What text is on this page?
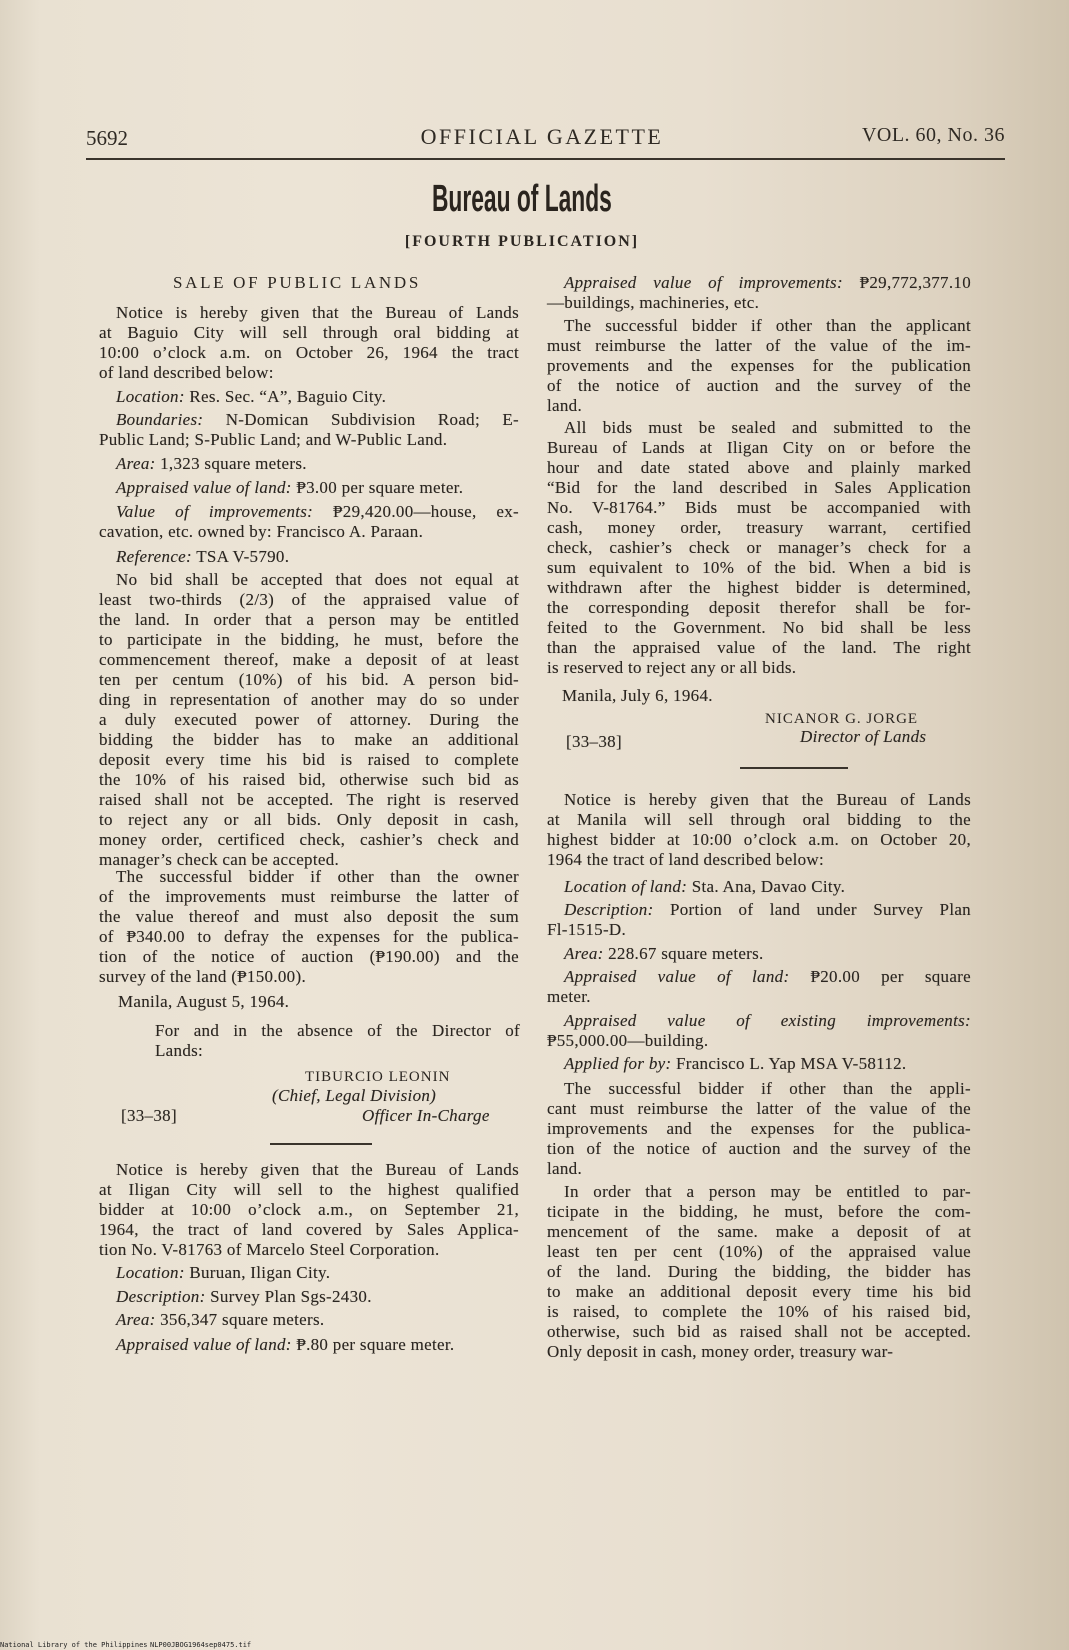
5692	OFFICIAL GAZETTE	VOL. 60, No. 36
Bureau of Lands
[FOURTH PUBLICATION]
SALE OF PUBLIC LANDS
Notice is hereby given that the Bureau of Lands
at Baguio City will sell through oral bidding at
10:00 o’clock a.m. on October 26, 1964 the tract
of land described below:
Location: Res. Sec. “A”, Baguio City.
Boundaries: N-Domican Subdivision Road; E-
Public Land; S-Public Land; and W-Public Land.
Area: 1,323 square meters.
Appraised value of land: ₱3.00 per square meter.
Value of improvements: ₱29,420.00—house, ex-
cavation, etc. owned by: Francisco A. Paraan.
Reference: TSA V-5790.
No bid shall be accepted that does not equal at
least two-thirds (2/3) of the appraised value of
the land. In order that a person may be entitled
to participate in the bidding, he must, before the
commencement thereof, make a deposit of at least
ten per centum (10%) of his bid. A person bid-
ding in representation of another may do so under
a duly executed power of attorney. During the
bidding the bidder has to make an additional
deposit every time his bid is raised to complete
the 10% of his raised bid, otherwise such bid as
raised shall not be accepted. The right is reserved
to reject any or all bids. Only deposit in cash,
money order, certificed check, cashier’s check and
manager’s check can be accepted.
The successful bidder if other than the owner
of the improvements must reimburse the latter of
the value thereof and must also deposit the sum
of ₱340.00 to defray the expenses for the publica-
tion of the notice of auction (₱190.00) and the
survey of the land (₱150.00).
Manila, August 5, 1964.
For and in the absence of the Director of
Lands:
TIBURCIO LEONIN
(Chief, Legal Division)
[33–38]	Officer In-Charge
Notice is hereby given that the Bureau of Lands
at Iligan City will sell to the highest qualified
bidder at 10:00 o’clock a.m., on September 21,
1964, the tract of land covered by Sales Applica-
tion No. V-81763 of Marcelo Steel Corporation.
Location: Buruan, Iligan City.
Description: Survey Plan Sgs-2430.
Area: 356,347 square meters.
Appraised value of land: ₱.80 per square meter.
Appraised value of improvements: ₱29,772,377.10
—buildings, machineries, etc.
The successful bidder if other than the applicant
must reimburse the latter of the value of the im-
provements and the expenses for the publication
of the notice of auction and the survey of the
land.
All bids must be sealed and submitted to the
Bureau of Lands at Iligan City on or before the
hour and date stated above and plainly marked
“Bid for the land described in Sales Application
No. V-81764.” Bids must be accompanied with
cash, money order, treasury warrant, certified
check, cashier’s check or manager’s check for a
sum equivalent to 10% of the bid. When a bid is
withdrawn after the highest bidder is determined,
the corresponding deposit therefor shall be for-
feited to the Government. No bid shall be less
than the appraised value of the land. The right
is reserved to reject any or all bids.
Manila, July 6, 1964.
NICANOR G. JORGE
[33–38]	Director of Lands
Notice is hereby given that the Bureau of Lands
at Manila will sell through oral bidding to the
highest bidder at 10:00 o’clock a.m. on October 20,
1964 the tract of land described below:
Location of land: Sta. Ana, Davao City.
Description: Portion of land under Survey Plan
Fl-1515-D.
Area: 228.67 square meters.
Appraised value of land: ₱20.00 per square
meter.
Appraised value of existing improvements:
₱55,000.00—building.
Applied for by: Francisco L. Yap MSA V-58112.
The successful bidder if other than the appli-
cant must reimburse the latter of the value of the
improvements and the expenses for the publica-
tion of the notice of auction and the survey of the
land.
In order that a person may be entitled to par-
ticipate in the bidding, he must, before the com-
mencement of the same. make a deposit of at
least ten per cent (10%) of the appraised value
of the land. During the bidding, the bidder has
to make an additional deposit every time his bid
is raised, to complete the 10% of his raised bid,
otherwise, such bid as raised shall not be accepted.
Only deposit in cash, money order, treasury war-
National Library of the Philippines NLP00JBOG1964sep0475.tif
